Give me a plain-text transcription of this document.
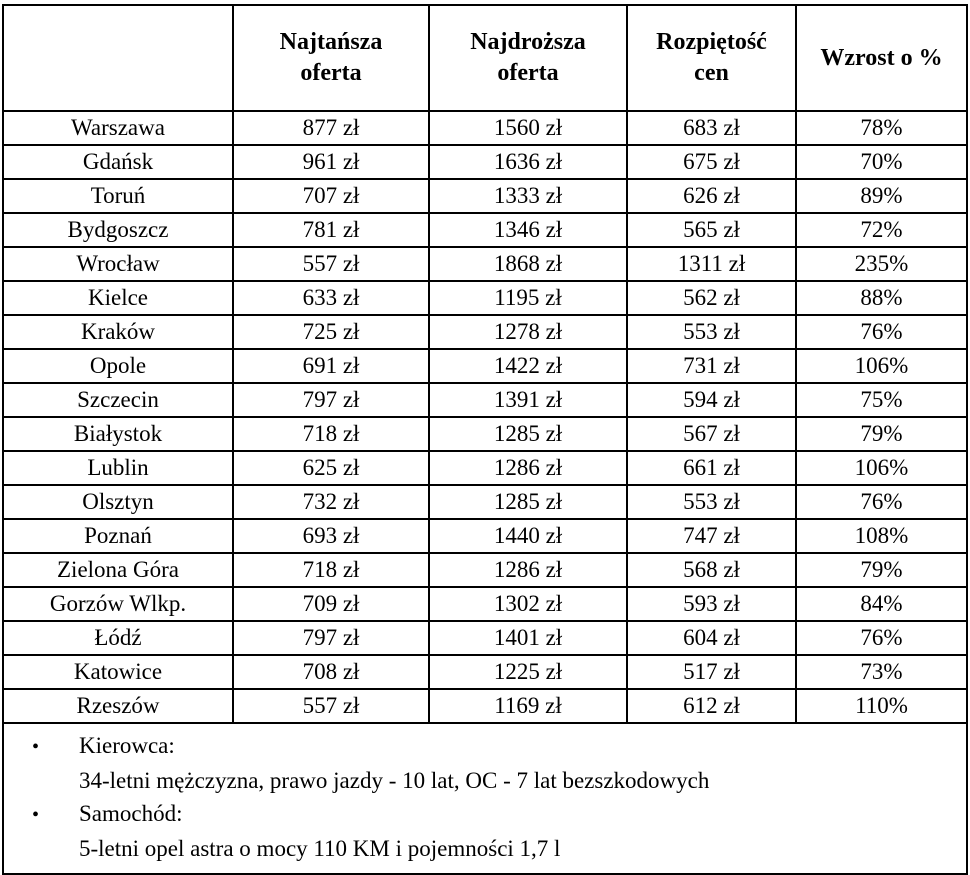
	Najtańsza oferta	Najdroższa oferta	Rozpiętość cen	Wzrost o %
Warszawa	877 zł	1560 zł	683 zł	78%
Gdańsk	961 zł	1636 zł	675 zł	70%
Toruń	707 zł	1333 zł	626 zł	89%
Bydgoszcz	781 zł	1346 zł	565 zł	72%
Wrocław	557 zł	1868 zł	1311 zł	235%
Kielce	633 zł	1195 zł	562 zł	88%
Kraków	725 zł	1278 zł	553 zł	76%
Opole	691 zł	1422 zł	731 zł	106%
Szczecin	797 zł	1391 zł	594 zł	75%
Białystok	718 zł	1285 zł	567 zł	79%
Lublin	625 zł	1286 zł	661 zł	106%
Olsztyn	732 zł	1285 zł	553 zł	76%
Poznań	693 zł	1440 zł	747 zł	108%
Zielona Góra	718 zł	1286 zł	568 zł	79%
Gorzów Wlkp.	709 zł	1302 zł	593 zł	84%
Łódź	797 zł	1401 zł	604 zł	76%
Katowice	708 zł	1225 zł	517 zł	73%
Rzeszów	557 zł	1169 zł	612 zł	110%

•	Kierowca:
34-letni mężczyzna, prawo jazdy - 10 lat, OC - 7 lat bezszkodowych
•	Samochód:
5-letni opel astra o mocy 110 KM i pojemności 1,7 l
